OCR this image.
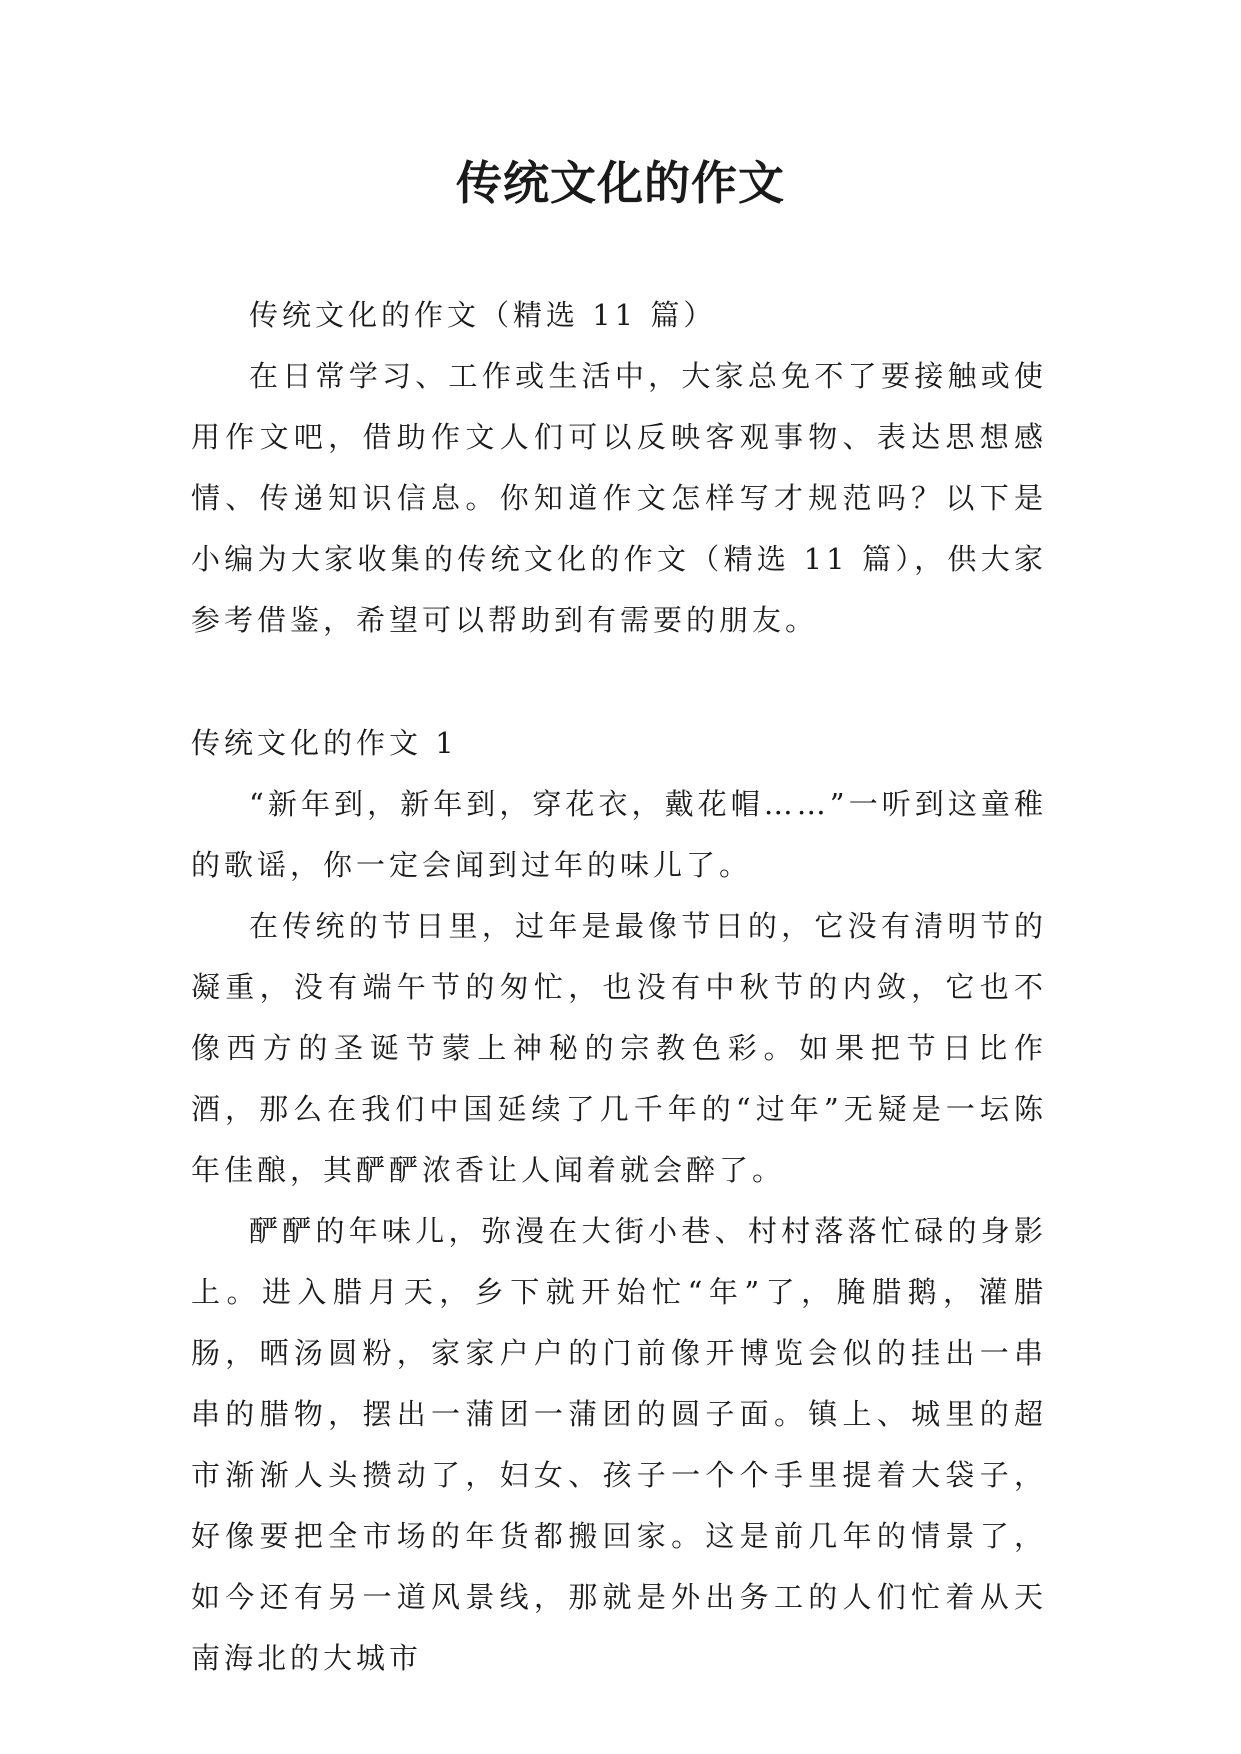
传统文化的作文

传统文化的作文（精选 11 篇）

在日常学习、工作或生活中，大家总免不了要接触或使用作文吧，借助作文人们可以反映客观事物、表达思想感情、传递知识信息。你知道作文怎样写才规范吗？以下是小编为大家收集的传统文化的作文（精选 11 篇），供大家参考借鉴，希望可以帮助到有需要的朋友。

传统文化的作文 1

“新年到，新年到，穿花衣，戴花帽……”一听到这童稚的歌谣，你一定会闻到过年的味儿了。

在传统的节日里，过年是最像节日的，它没有清明节的凝重，没有端午节的匆忙，也没有中秋节的内敛，它也不像西方的圣诞节蒙上神秘的宗教色彩。如果把节日比作酒，那么在我们中国延续了几千年的“过年”无疑是一坛陈年佳酿，其酽酽浓香让人闻着就会醉了。

酽酽的年味儿，弥漫在大街小巷、村村落落忙碌的身影上。进入腊月天，乡下就开始忙“年”了，腌腊鹅，灌腊肠，晒汤圆粉，家家户户的门前像开博览会似的挂出一串串的腊物，摆出一蒲团一蒲团的圆子面。镇上、城里的超市渐渐人头攒动了，妇女、孩子一个个手里提着大袋子，好像要把全市场的年货都搬回家。这是前几年的情景了，如今还有另一道风景线，那就是外出务工的人们忙着从天南海北的大城市
